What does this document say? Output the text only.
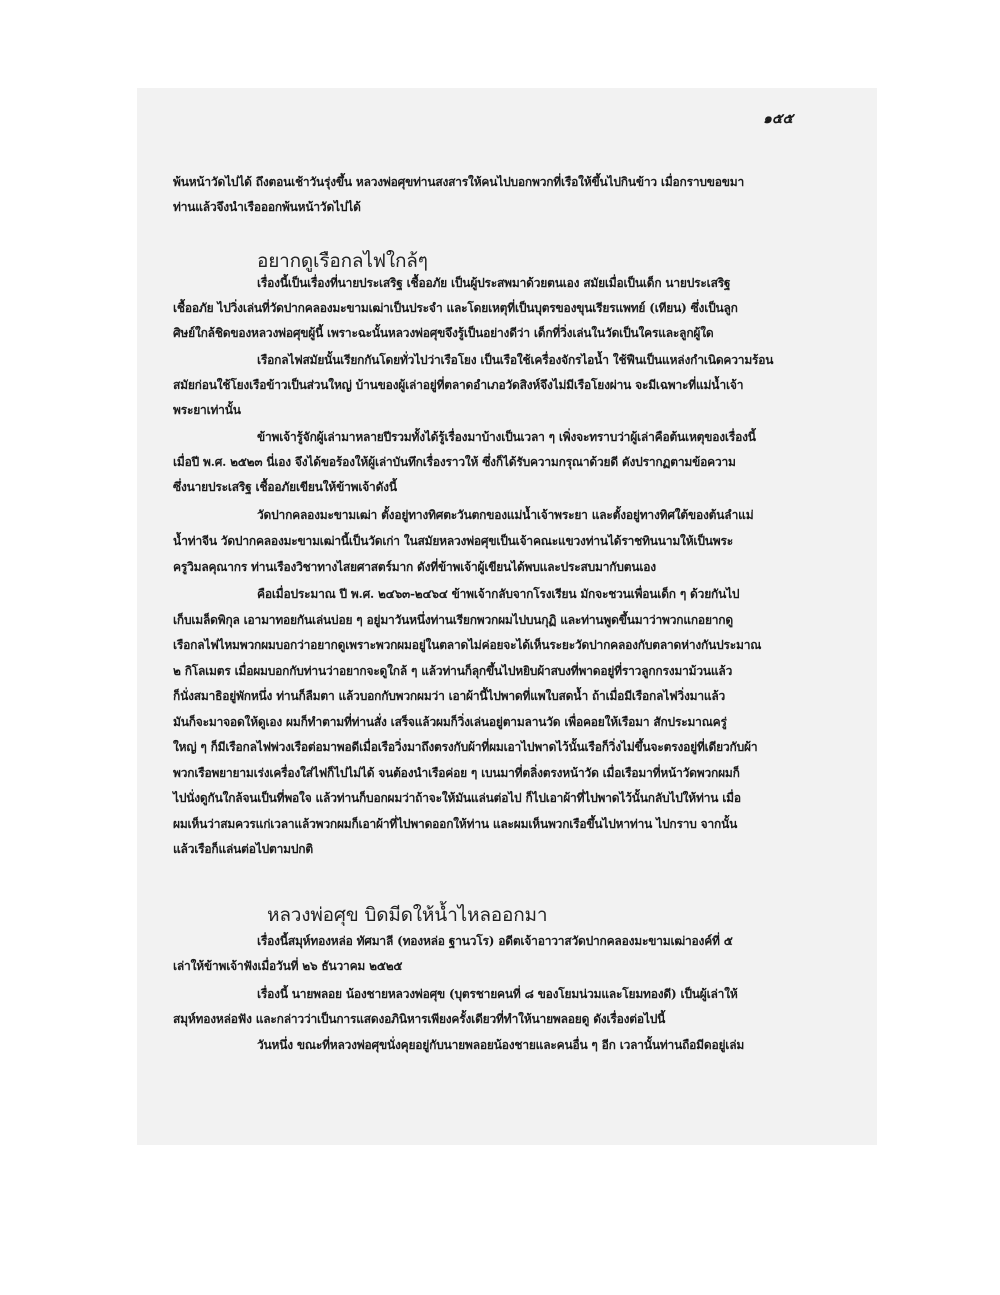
๑๕๕
พ้นหน้าวัดไปได้ ถึงตอนเช้าวันรุ่งขึ้น หลวงพ่อศุขท่านสงสารให้คนไปบอกพวกที่เรือให้ขึ้นไปกินข้าว เมื่อกราบขอขมา
ท่านแล้วจึงนำเรือออกพ้นหน้าวัดไปได้
อยากดูเรือกลไฟใกล้ๆ
เรื่องนี้เป็นเรื่องที่นายประเสริฐ เชื้ออภัย เป็นผู้ประสพมาด้วยตนเอง สมัยเมื่อเป็นเด็ก นายประเสริฐ
เชื้ออภัย ไปวิ่งเล่นที่วัดปากคลองมะขามเฒ่าเป็นประจำ และโดยเหตุที่เป็นบุตรของขุนเรียรแพทย์ (เทียน) ซึ่งเป็นลูก
ศิษย์ใกล้ชิดของหลวงพ่อศุขผู้นี้ เพราะฉะนั้นหลวงพ่อศุขจึงรู้เป็นอย่างดีว่า เด็กที่วิ่งเล่นในวัดเป็นใครและลูกผู้ใด
เรือกลไฟสมัยนั้นเรียกกันโดยทั่วไปว่าเรือโยง เป็นเรือใช้เครื่องจักรไอน้ำ ใช้ฟืนเป็นแหล่งกำเนิดความร้อน
สมัยก่อนใช้โยงเรือข้าวเป็นส่วนใหญ่ บ้านของผู้เล่าอยู่ที่ตลาดอำเภอวัดสิงห์จึงไม่มีเรือโยงผ่าน จะมีเฉพาะที่แม่น้ำเจ้า
พระยาเท่านั้น
ข้าพเจ้ารู้จักผู้เล่ามาหลายปีรวมทั้งได้รู้เรื่องมาบ้างเป็นเวลา ๆ เพิ่งจะทราบว่าผู้เล่าคือต้นเหตุของเรื่องนี้
เมื่อปี พ.ศ. ๒๕๒๓ นี่เอง จึงได้ขอร้องให้ผู้เล่าบันทึกเรื่องราวให้ ซึ่งก็ได้รับความกรุณาด้วยดี ดังปรากฏตามข้อความ
ซึ่งนายประเสริฐ เชื้ออภัยเขียนให้ข้าพเจ้าดังนี้
วัดปากคลองมะขามเฒ่า ตั้งอยู่ทางทิศตะวันตกของแม่น้ำเจ้าพระยา และตั้งอยู่ทางทิศใต้ของต้นลำแม่
น้ำท่าจีน วัดปากคลองมะขามเฒ่านี้เป็นวัดเก่า ในสมัยหลวงพ่อศุขเป็นเจ้าคณะแขวงท่านได้ราชทินนามให้เป็นพระ
ครูวิมลคุณากร ท่านเรืองวิชาทางไสยศาสตร์มาก ดังที่ข้าพเจ้าผู้เขียนได้พบและประสบมากับตนเอง
คือเมื่อประมาณ ปี พ.ศ. ๒๔๖๓-๒๔๖๔ ข้าพเจ้ากลับจากโรงเรียน มักจะชวนเพื่อนเด็ก ๆ ด้วยกันไป
เก็บเมล็ดพิกุล เอามาทอยกันเล่นบ่อย ๆ อยู่มาวันหนึ่งท่านเรียกพวกผมไปบนกุฏิ และท่านพูดขึ้นมาว่าพวกแกอยากดู
เรือกลไฟไหมพวกผมบอกว่าอยากดูเพราะพวกผมอยู่ในตลาดไม่ค่อยจะได้เห็นระยะวัดปากคลองกับตลาดห่างกันประมาณ
๒ กิโลเมตร เมื่อผมบอกกับท่านว่าอยากจะดูใกล้ ๆ แล้วท่านก็ลุกขึ้นไปหยิบผ้าสบงที่พาดอยู่ที่ราวลูกกรงมาม้วนแล้ว
ก็นั่งสมาธิอยู่พักหนึ่ง ท่านก็ลืมตา แล้วบอกกับพวกผมว่า เอาผ้านี้ไปพาดที่แพใบสดน้ำ ถ้าเมื่อมีเรือกลไฟวิ่งมาแล้ว
มันก็จะมาจอดให้ดูเอง ผมก็ทำตามที่ท่านสั่ง เสร็จแล้วผมก็วิ่งเล่นอยู่ตามลานวัด เพื่อคอยให้เรือมา สักประมาณครู่
ใหญ่ ๆ ก็มีเรือกลไฟพ่วงเรือต่อมาพอดีเมื่อเรือวิ่งมาถึงตรงกับผ้าที่ผมเอาไปพาดไว้นั้นเรือก็วิ่งไม่ขึ้นจะตรงอยู่ที่เดียวกับผ้า
พวกเรือพยายามเร่งเครื่องใส่ไฟก็ไปไม่ได้ จนต้องนำเรือค่อย ๆ เบนมาที่ตลิ่งตรงหน้าวัด เมื่อเรือมาที่หน้าวัดพวกผมก็
ไปนั่งดูกันใกล้จนเป็นที่พอใจ แล้วท่านก็บอกผมว่าถ้าจะให้มันแล่นต่อไป ก็ไปเอาผ้าที่ไปพาดไว้นั้นกลับไปให้ท่าน เมื่อ
ผมเห็นว่าสมควรแก่เวลาแล้วพวกผมก็เอาผ้าที่ไปพาดออกให้ท่าน และผมเห็นพวกเรือขึ้นไปหาท่าน ไปกราบ จากนั้น
แล้วเรือก็แล่นต่อไปตามปกติ
หลวงพ่อศุข บิดมีดให้น้ำไหลออกมา
เรื่องนี้สมุห์ทองหล่อ ทัศมาลี (ทองหล่อ ฐานวโร) อดีตเจ้าอาวาสวัดปากคลองมะขามเฒ่าองค์ที่ ๕
เล่าให้ข้าพเจ้าฟังเมื่อวันที่ ๒๖ ธันวาคม ๒๕๒๕
เรื่องนี้ นายพลอย น้องชายหลวงพ่อศุข (บุตรชายคนที่ ๘ ของโยมน่วมและโยมทองดี) เป็นผู้เล่าให้
สมุห์ทองหล่อฟัง และกล่าวว่าเป็นการแสดงอภินิหารเพียงครั้งเดียวที่ทำให้นายพลอยดู ดังเรื่องต่อไปนี้
วันหนึ่ง ขณะที่หลวงพ่อศุขนั่งคุยอยู่กับนายพลอยน้องชายและคนอื่น ๆ อีก เวลานั้นท่านถือมีดอยู่เล่ม
